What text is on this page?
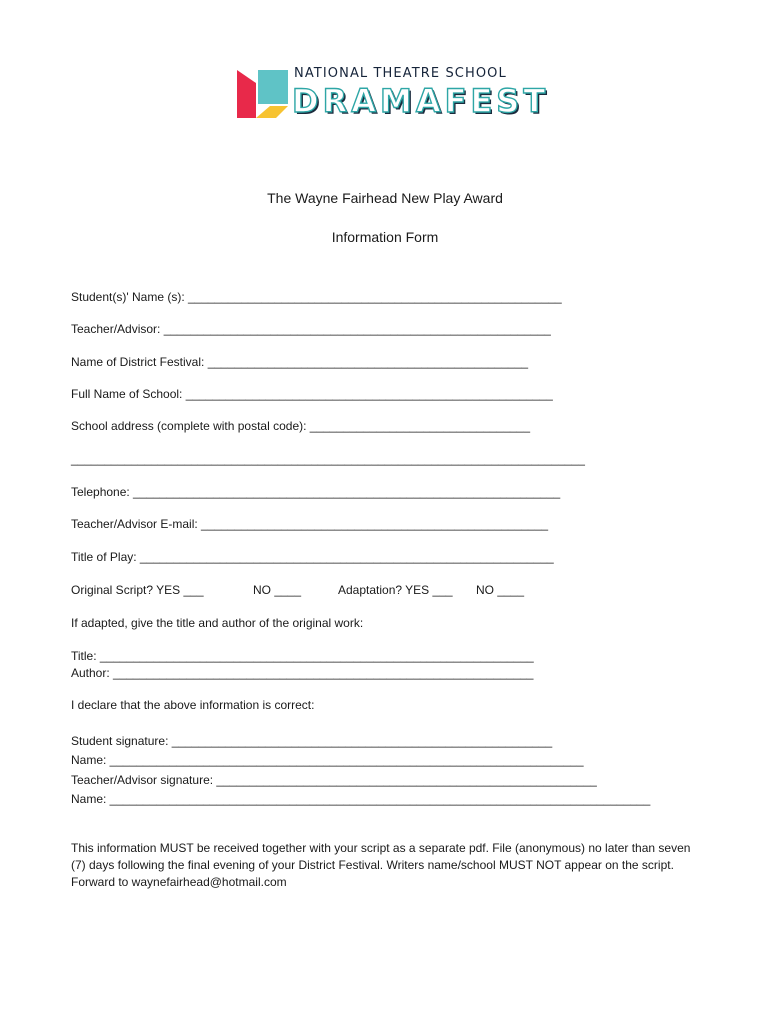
NATIONAL THEATRE SCHOOL
DRAMAFEST
The Wayne Fairhead New Play Award
Information Form
Student(s)' Name (s): ________________________________________________________
Teacher/Advisor: __________________________________________________________
Name of District Festival: ________________________________________________
Full Name of School: _______________________________________________________
School address (complete with postal code): _________________________________
_____________________________________________________________________________
Telephone: ________________________________________________________________
Teacher/Advisor E-mail: ____________________________________________________
Title of Play: ______________________________________________________________
Original Script? YES ___	NO ____	Adaptation? YES ___ NO ____
If adapted, give the title and author of the original work:
Title: _________________________________________________________________
Author: _______________________________________________________________
I declare that the above information is correct:
Student signature: _________________________________________________________
Name: _______________________________________________________________________
Teacher/Advisor signature: _________________________________________________________
Name: _________________________________________________________________________________
This information MUST be received together with your script as a separate pdf. File (anonymous) no later than seven (7) days following the final evening of your District Festival. Writers name/school MUST NOT appear on the script. Forward to waynefairhead@hotmail.com
